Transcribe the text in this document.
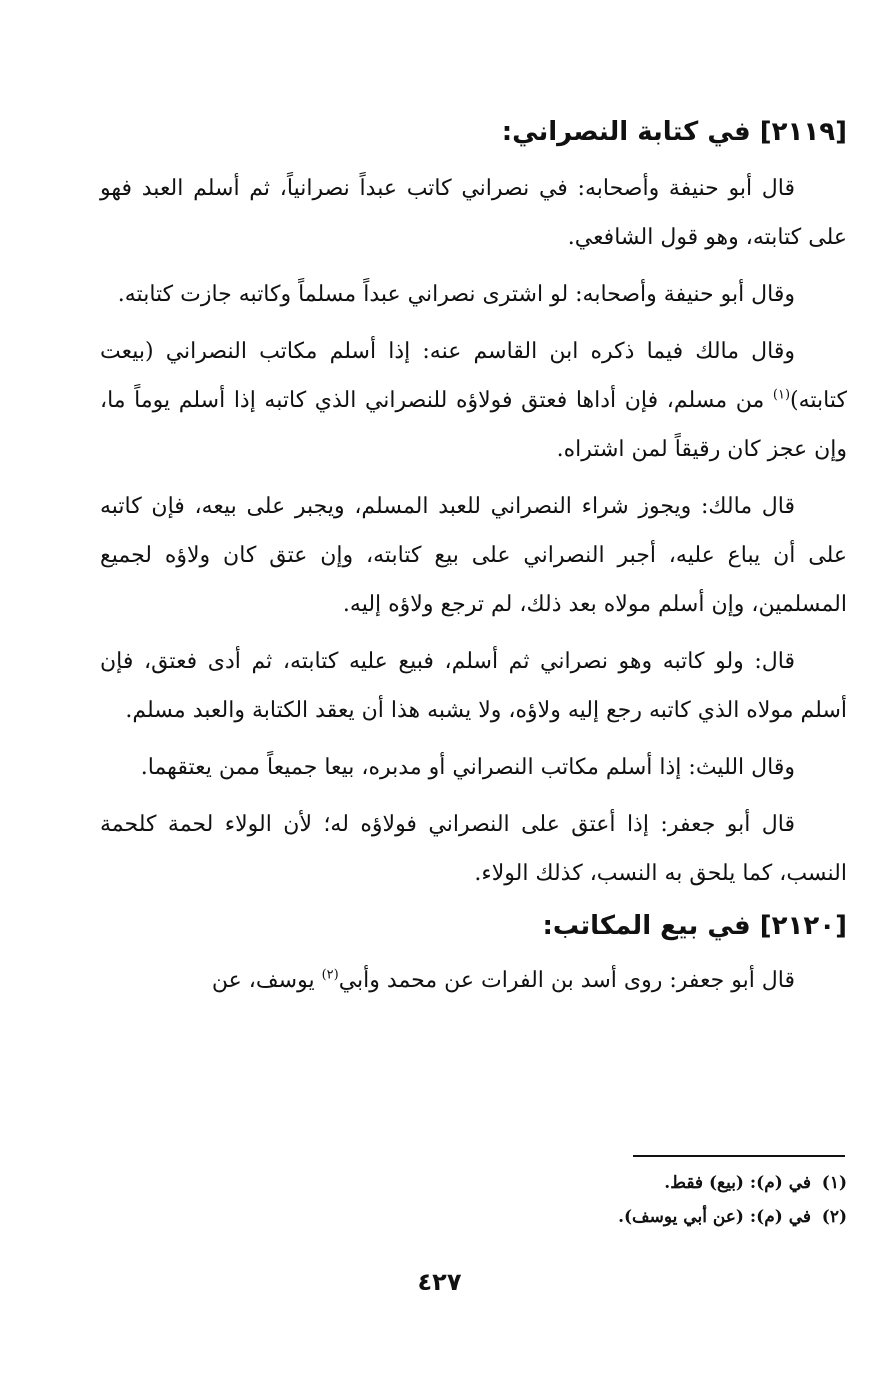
[٢١١٩] في كتابة النصراني:

قال أبو حنيفة وأصحابه: في نصراني كاتب عبداً نصرانياً، ثم أسلم العبد فهو على كتابته، وهو قول الشافعي.

وقال أبو حنيفة وأصحابه: لو اشترى نصراني عبداً مسلماً وكاتبه جازت كتابته.

وقال مالك فيما ذكره ابن القاسم عنه: إذا أسلم مكاتب النصراني (بيعت كتابته)$^{(١)}$ من مسلم، فإن أداها فعتق فولاؤه للنصراني الذي كاتبه إذا أسلم يوماً ما، وإن عجز كان رقيقاً لمن اشتراه.

قال مالك: ويجوز شراء النصراني للعبد المسلم، ويجبر على بيعه، فإن كاتبه على أن يباع عليه، أجبر النصراني على بيع كتابته، وإن عتق كان ولاؤه لجميع المسلمين، وإن أسلم مولاه بعد ذلك، لم ترجع ولاؤه إليه.

قال: ولو كاتبه وهو نصراني ثم أسلم، فبيع عليه كتابته، ثم أدى فعتق، فإن أسلم مولاه الذي كاتبه رجع إليه ولاؤه، ولا يشبه هذا أن يعقد الكتابة والعبد مسلم.

وقال الليث: إذا أسلم مكاتب النصراني أو مدبره، بيعا جميعاً ممن يعتقهما.

قال أبو جعفر: إذا أعتق على النصراني فولاؤه له؛ لأن الولاء لحمة كلحمة النسب، كما يلحق به النسب، كذلك الولاء.

[٢١٢٠] في بيع المكاتب:

قال أبو جعفر: روى أسد بن الفرات عن محمد وأبي$^{(٢)}$ يوسف، عن

(١)في (م): (بيع) فقط.
(٢)في (م): (عن أبي يوسف).
٤٢٧
